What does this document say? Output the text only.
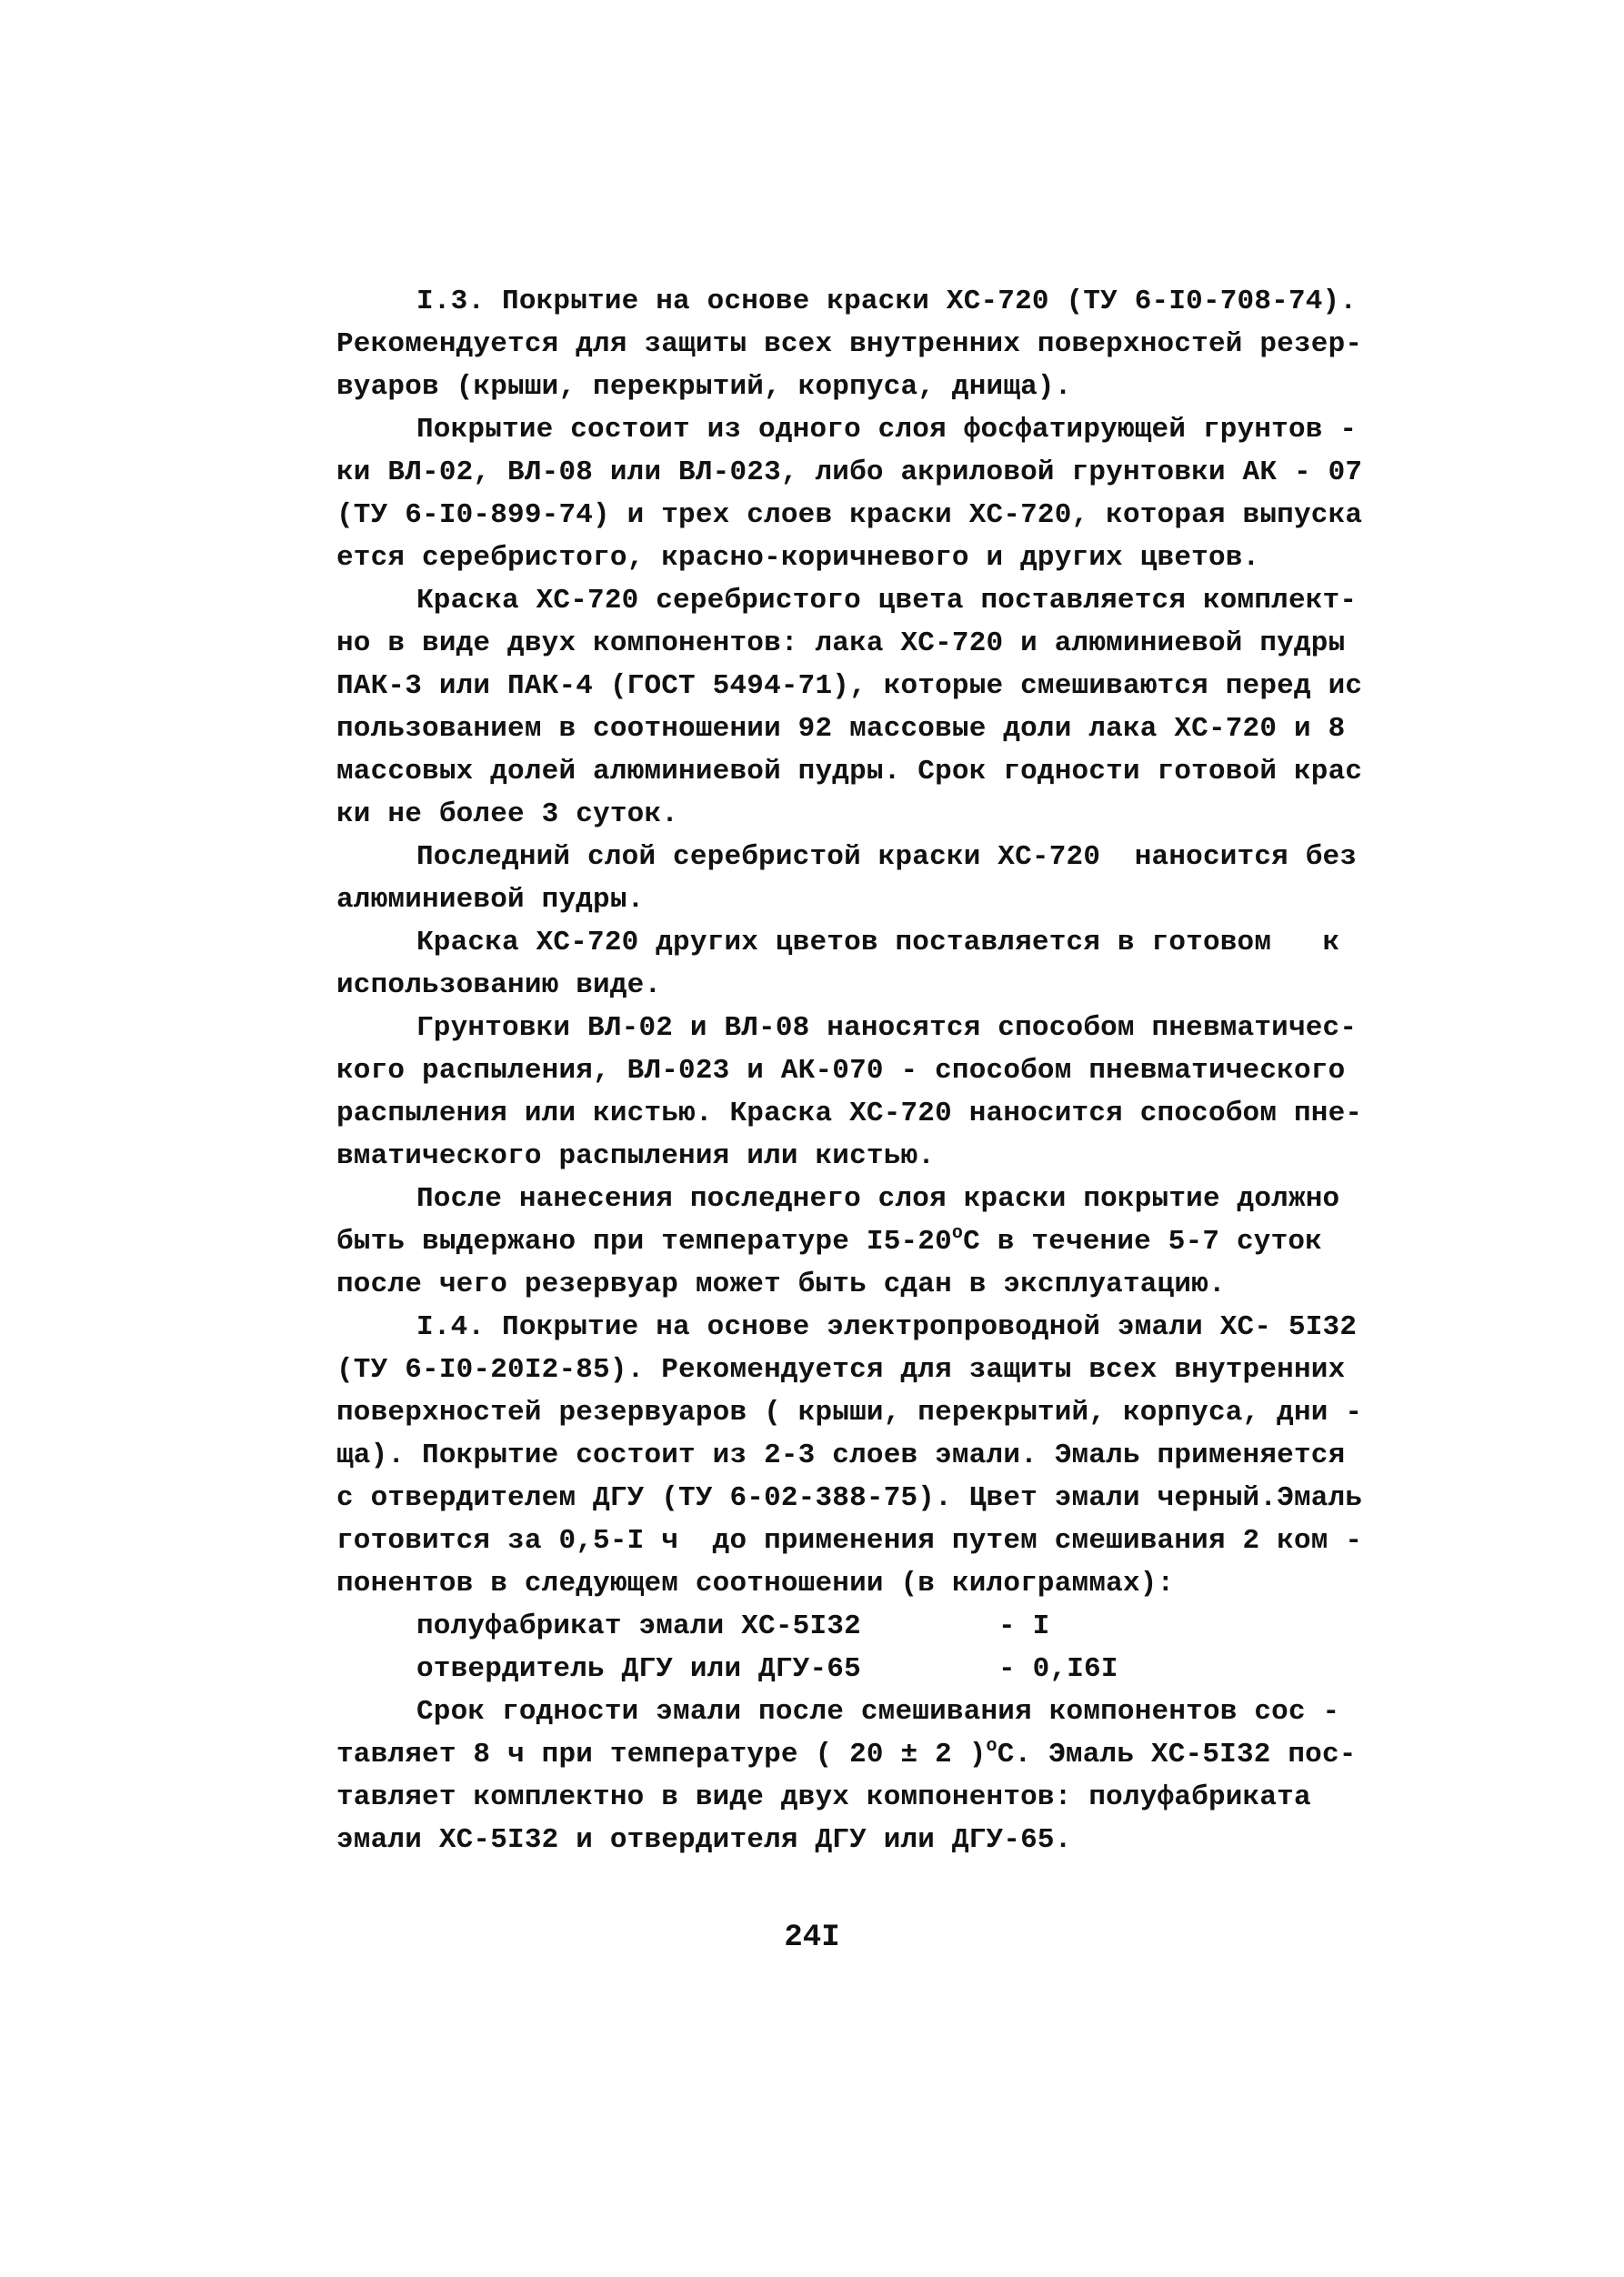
I.3. Покрытие на основе краски ХС-720 (ТУ 6-I0-708-74).
Рекомендуется для защиты всех внутренних поверхностей резер-
вуаров (крыши, перекрытий, корпуса, днища).
Покрытие состоит из одного слоя фосфатирующей грунтов -
ки ВЛ-02, ВЛ-08 или ВЛ-023, либо акриловой грунтовки АК - 07
(ТУ 6-I0-899-74) и трех слоев краски ХС-720, которая выпуска
ется серебристого, красно-коричневого и других цветов.
Краска ХС-720 серебристого цвета поставляется комплект-
но в виде двух компонентов: лака ХС-720 и алюминиевой пудры
ПАК-3 или ПАК-4 (ГОСТ 5494-71), которые смешиваются перед ис
пользованием в соотношении 92 массовые доли лака ХС-720 и 8
массовых долей алюминиевой пудры. Срок годности готовой крас
ки не более 3 суток.
Последний слой серебристой краски ХС-720  наносится без
алюминиевой пудры.
Краска ХС-720 других цветов поставляется в готовом   к
использованию виде.
Грунтовки ВЛ-02 и ВЛ-08 наносятся способом пневматичес-
кого распыления, ВЛ-023 и АК-070 - способом пневматического
распыления или кистью. Краска ХС-720 наносится способом пне-
вматического распыления или кистью.
После нанесения последнего слоя краски покрытие должно
быть выдержано при температуре $I5-20^оС$ в течение 5-7 суток
после чего резервуар может быть сдан в эксплуатацию.
I.4. Покрытие на основе электропроводной эмали ХС- 5I32
(ТУ 6-I0-20I2-85). Рекомендуется для защиты всех внутренних
поверхностей резервуаров ( крыши, перекрытий, корпуса, дни -
ща). Покрытие состоит из 2-3 слоев эмали. Эмаль применяется
с отвердителем ДГУ (ТУ 6-02-388-75). Цвет эмали черный.Эмаль
готовится за 0,5-I ч  до применения путем смешивания 2 ком -
понентов в следующем соотношении (в килограммах):
полуфабрикат эмали ХС-5I32	- I
отвердитель ДГУ или ДГУ-65	- 0,I6I
Срок годности эмали после смешивания компонентов сос -
тавляет 8 ч при температуре ( 20 ± 2 )$^о$С. Эмаль ХС-5I32 пос-
тавляет комплектно в виде двух компонентов: полуфабриката
эмали ХС-5I32 и отвердителя ДГУ или ДГУ-65.
24I
